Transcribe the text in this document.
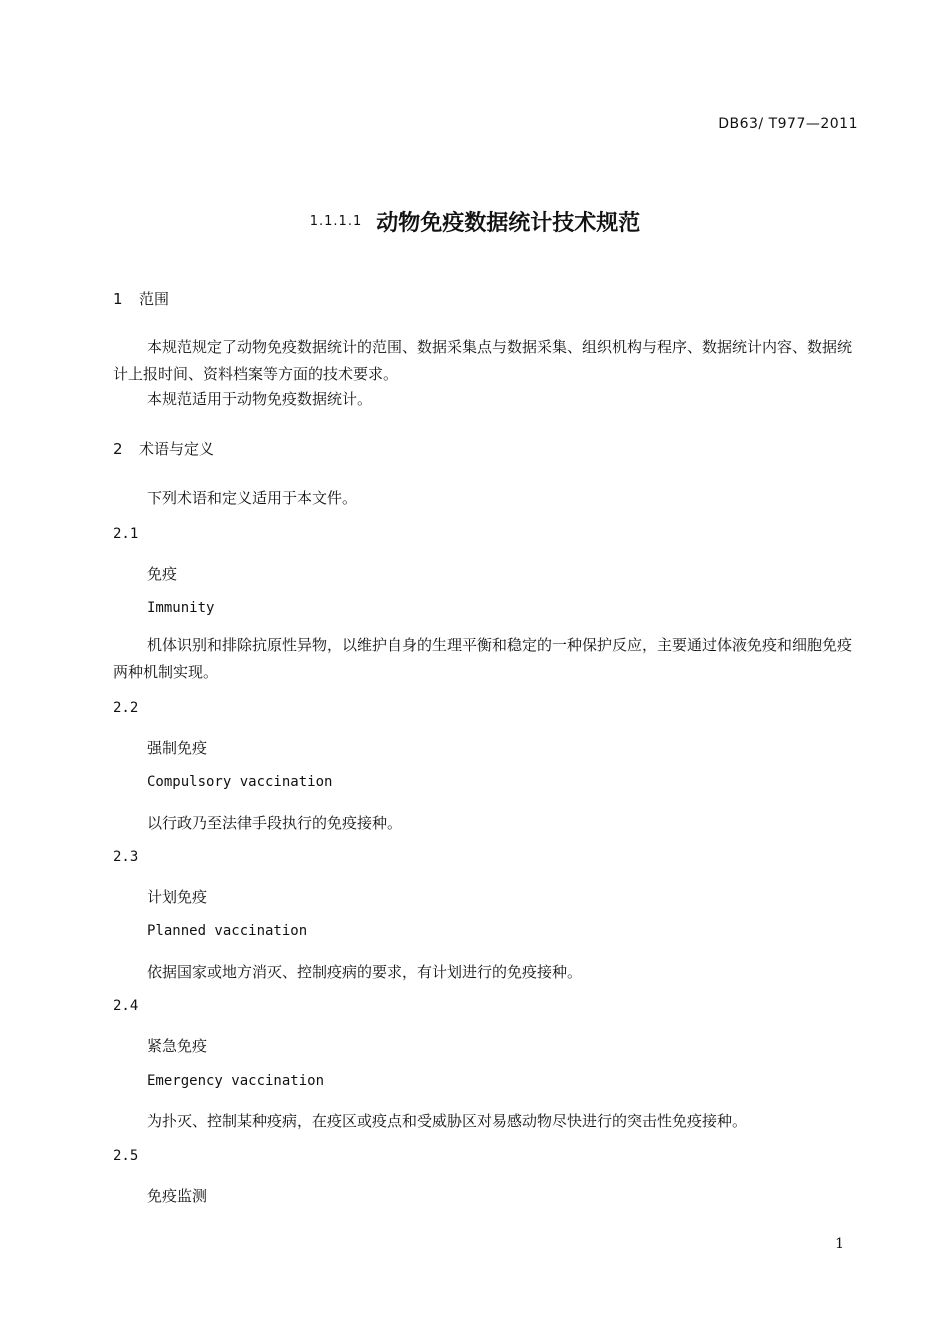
DB63/ T977—2011
1.1.1.1 动物免疫数据统计技术规范
1 范围
本规范规定了动物免疫数据统计的范围、数据采集点与数据采集、组织机构与程序、数据统计内容、数据统计上报时间、资料档案等方面的技术要求。
本规范适用于动物免疫数据统计。
2 术语与定义
下列术语和定义适用于本文件。
2.1
免疫
Immunity
机体识别和排除抗原性异物，以维护自身的生理平衡和稳定的一种保护反应，主要通过体液免疫和细胞免疫两种机制实现。
2.2
强制免疫
Compulsory vaccination
以行政乃至法律手段执行的免疫接种。
2.3
计划免疫
Planned vaccination
依据国家或地方消灭、控制疫病的要求，有计划进行的免疫接种。
2.4
紧急免疫
Emergency vaccination
为扑灭、控制某种疫病，在疫区或疫点和受威胁区对易感动物尽快进行的突击性免疫接种。
2.5
免疫监测
1
